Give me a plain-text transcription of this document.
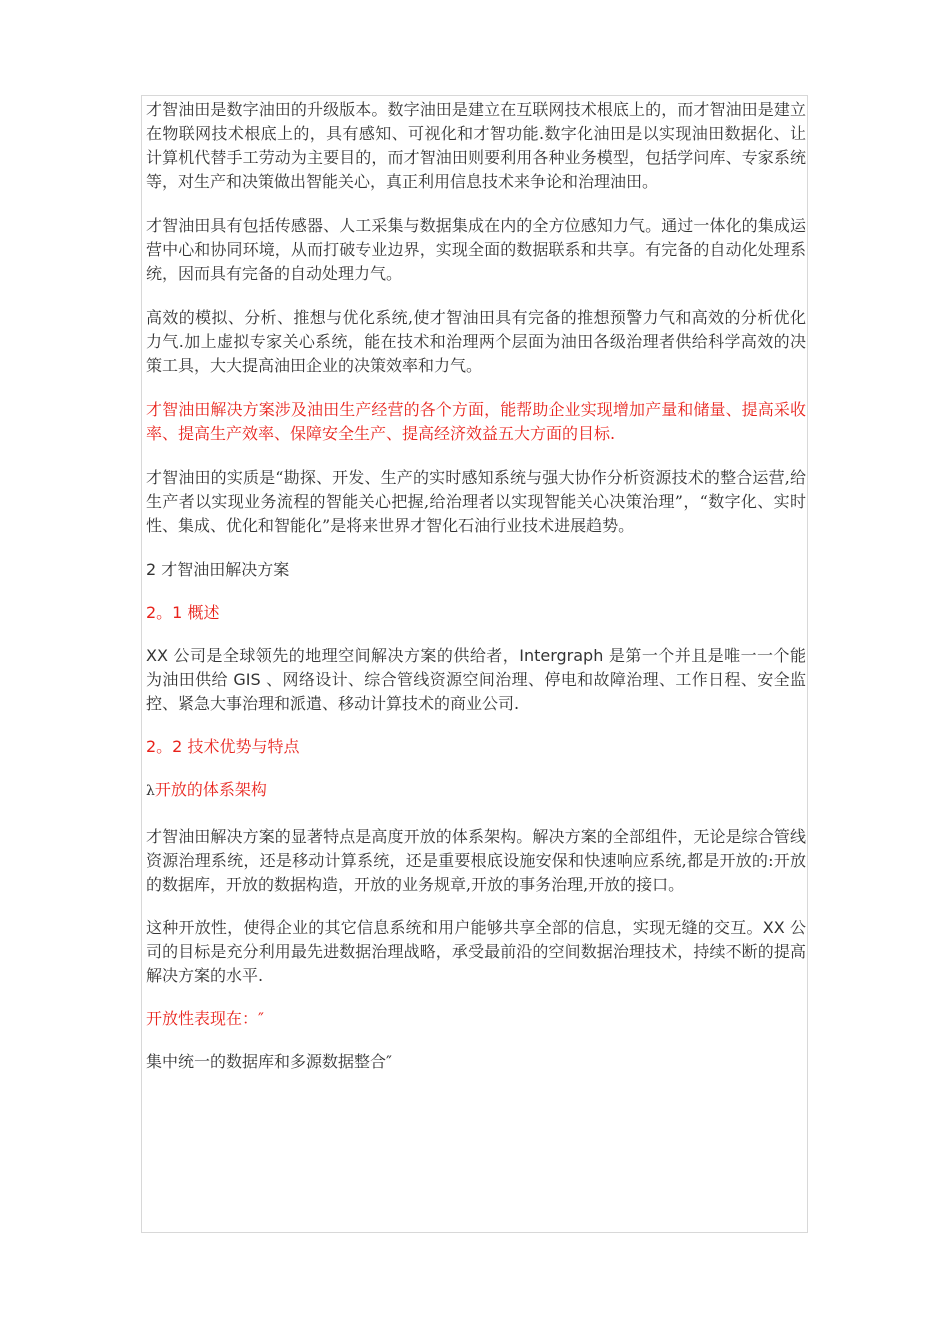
才智油田是数字油田的升级版本。数字油田是建立在互联网技术根底上的，而才智油田是建立在物联网技术根底上的，具有感知、可视化和才智功能.数字化油田是以实现油田数据化、让计算机代替手工劳动为主要目的，而才智油田则要利用各种业务模型，包括学问库、专家系统等，对生产和决策做出智能关心，真正利用信息技术来争论和治理油田。

才智油田具有包括传感器、人工采集与数据集成在内的全方位感知力气。通过一体化的集成运营中心和协同环境，从而打破专业边界，实现全面的数据联系和共享。有完备的自动化处理系统，因而具有完备的自动处理力气。

高效的模拟、分析、推想与优化系统,使才智油田具有完备的推想预警力气和高效的分析优化力气.加上虚拟专家关心系统，能在技术和治理两个层面为油田各级治理者供给科学高效的决策工具，大大提高油田企业的决策效率和力气。

才智油田解决方案涉及油田生产经营的各个方面，能帮助企业实现增加产量和储量、提高采收率、提高生产效率、保障安全生产、提高经济效益五大方面的目标.

才智油田的实质是“勘探、开发、生产的实时感知系统与强大协作分析资源技术的整合运营,给生产者以实现业务流程的智能关心把握,给治理者以实现智能关心决策治理”，“数字化、实时性、集成、优化和智能化”是将来世界才智化石油行业技术进展趋势。

2 才智油田解决方案

2。1 概述

XX 公司是全球领先的地理空间解决方案的供给者，Intergraph 是第一个并且是唯一一个能为油田供给 GIS 、网络设计、综合管线资源空间治理、停电和故障治理、工作日程、安全监控、紧急大事治理和派遣、移动计算技术的商业公司.

2。2 技术优势与特点

λ开放的体系架构

才智油田解决方案的显著特点是高度开放的体系架构。解决方案的全部组件，无论是综合管线资源治理系统，还是移动计算系统，还是重要根底设施安保和快速响应系统,都是开放的:开放的数据库，开放的数据构造，开放的业务规章,开放的事务治理,开放的接口。

这种开放性，使得企业的其它信息系统和用户能够共享全部的信息，实现无缝的交互。XX 公司的目标是充分利用最先进数据治理战略，承受最前沿的空间数据治理技术，持续不断的提高解决方案的水平.

开放性表现在：″

集中统一的数据库和多源数据整合″
